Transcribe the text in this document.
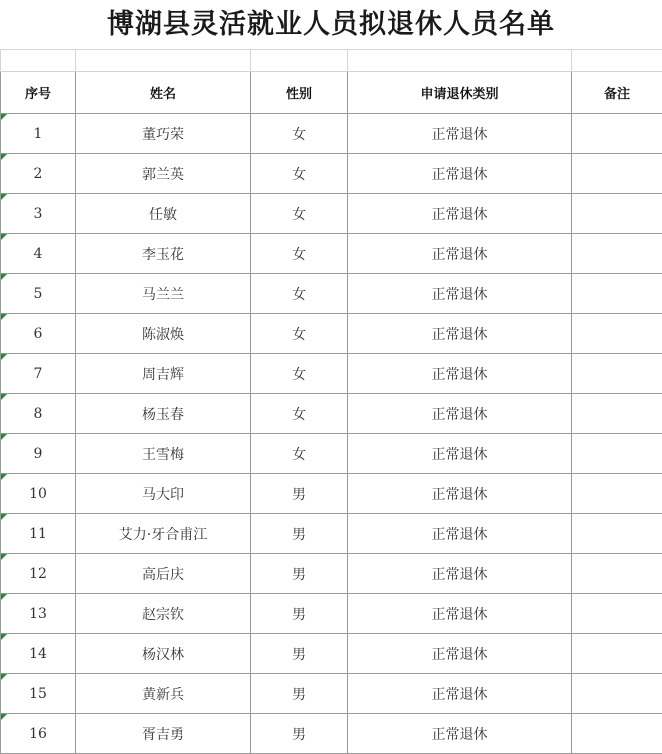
博湖县灵活就业人员拟退休人员名单

序号	姓名	性别	申请退休类别	备注

1	董巧荣	女	正常退休	

2	郭兰英	女	正常退休	

3	任敏	女	正常退休	

4	李玉花	女	正常退休	

5	马兰兰	女	正常退休	

6	陈淑焕	女	正常退休	

7	周吉辉	女	正常退休	

8	杨玉春	女	正常退休	

9	王雪梅	女	正常退休	

10	马大印	男	正常退休	

11	艾力·牙合甫江	男	正常退休	

12	高后庆	男	正常退休	

13	赵宗钦	男	正常退休	

14	杨汉林	男	正常退休	

15	黄新兵	男	正常退休	

16	胥吉勇	男	正常退休	
